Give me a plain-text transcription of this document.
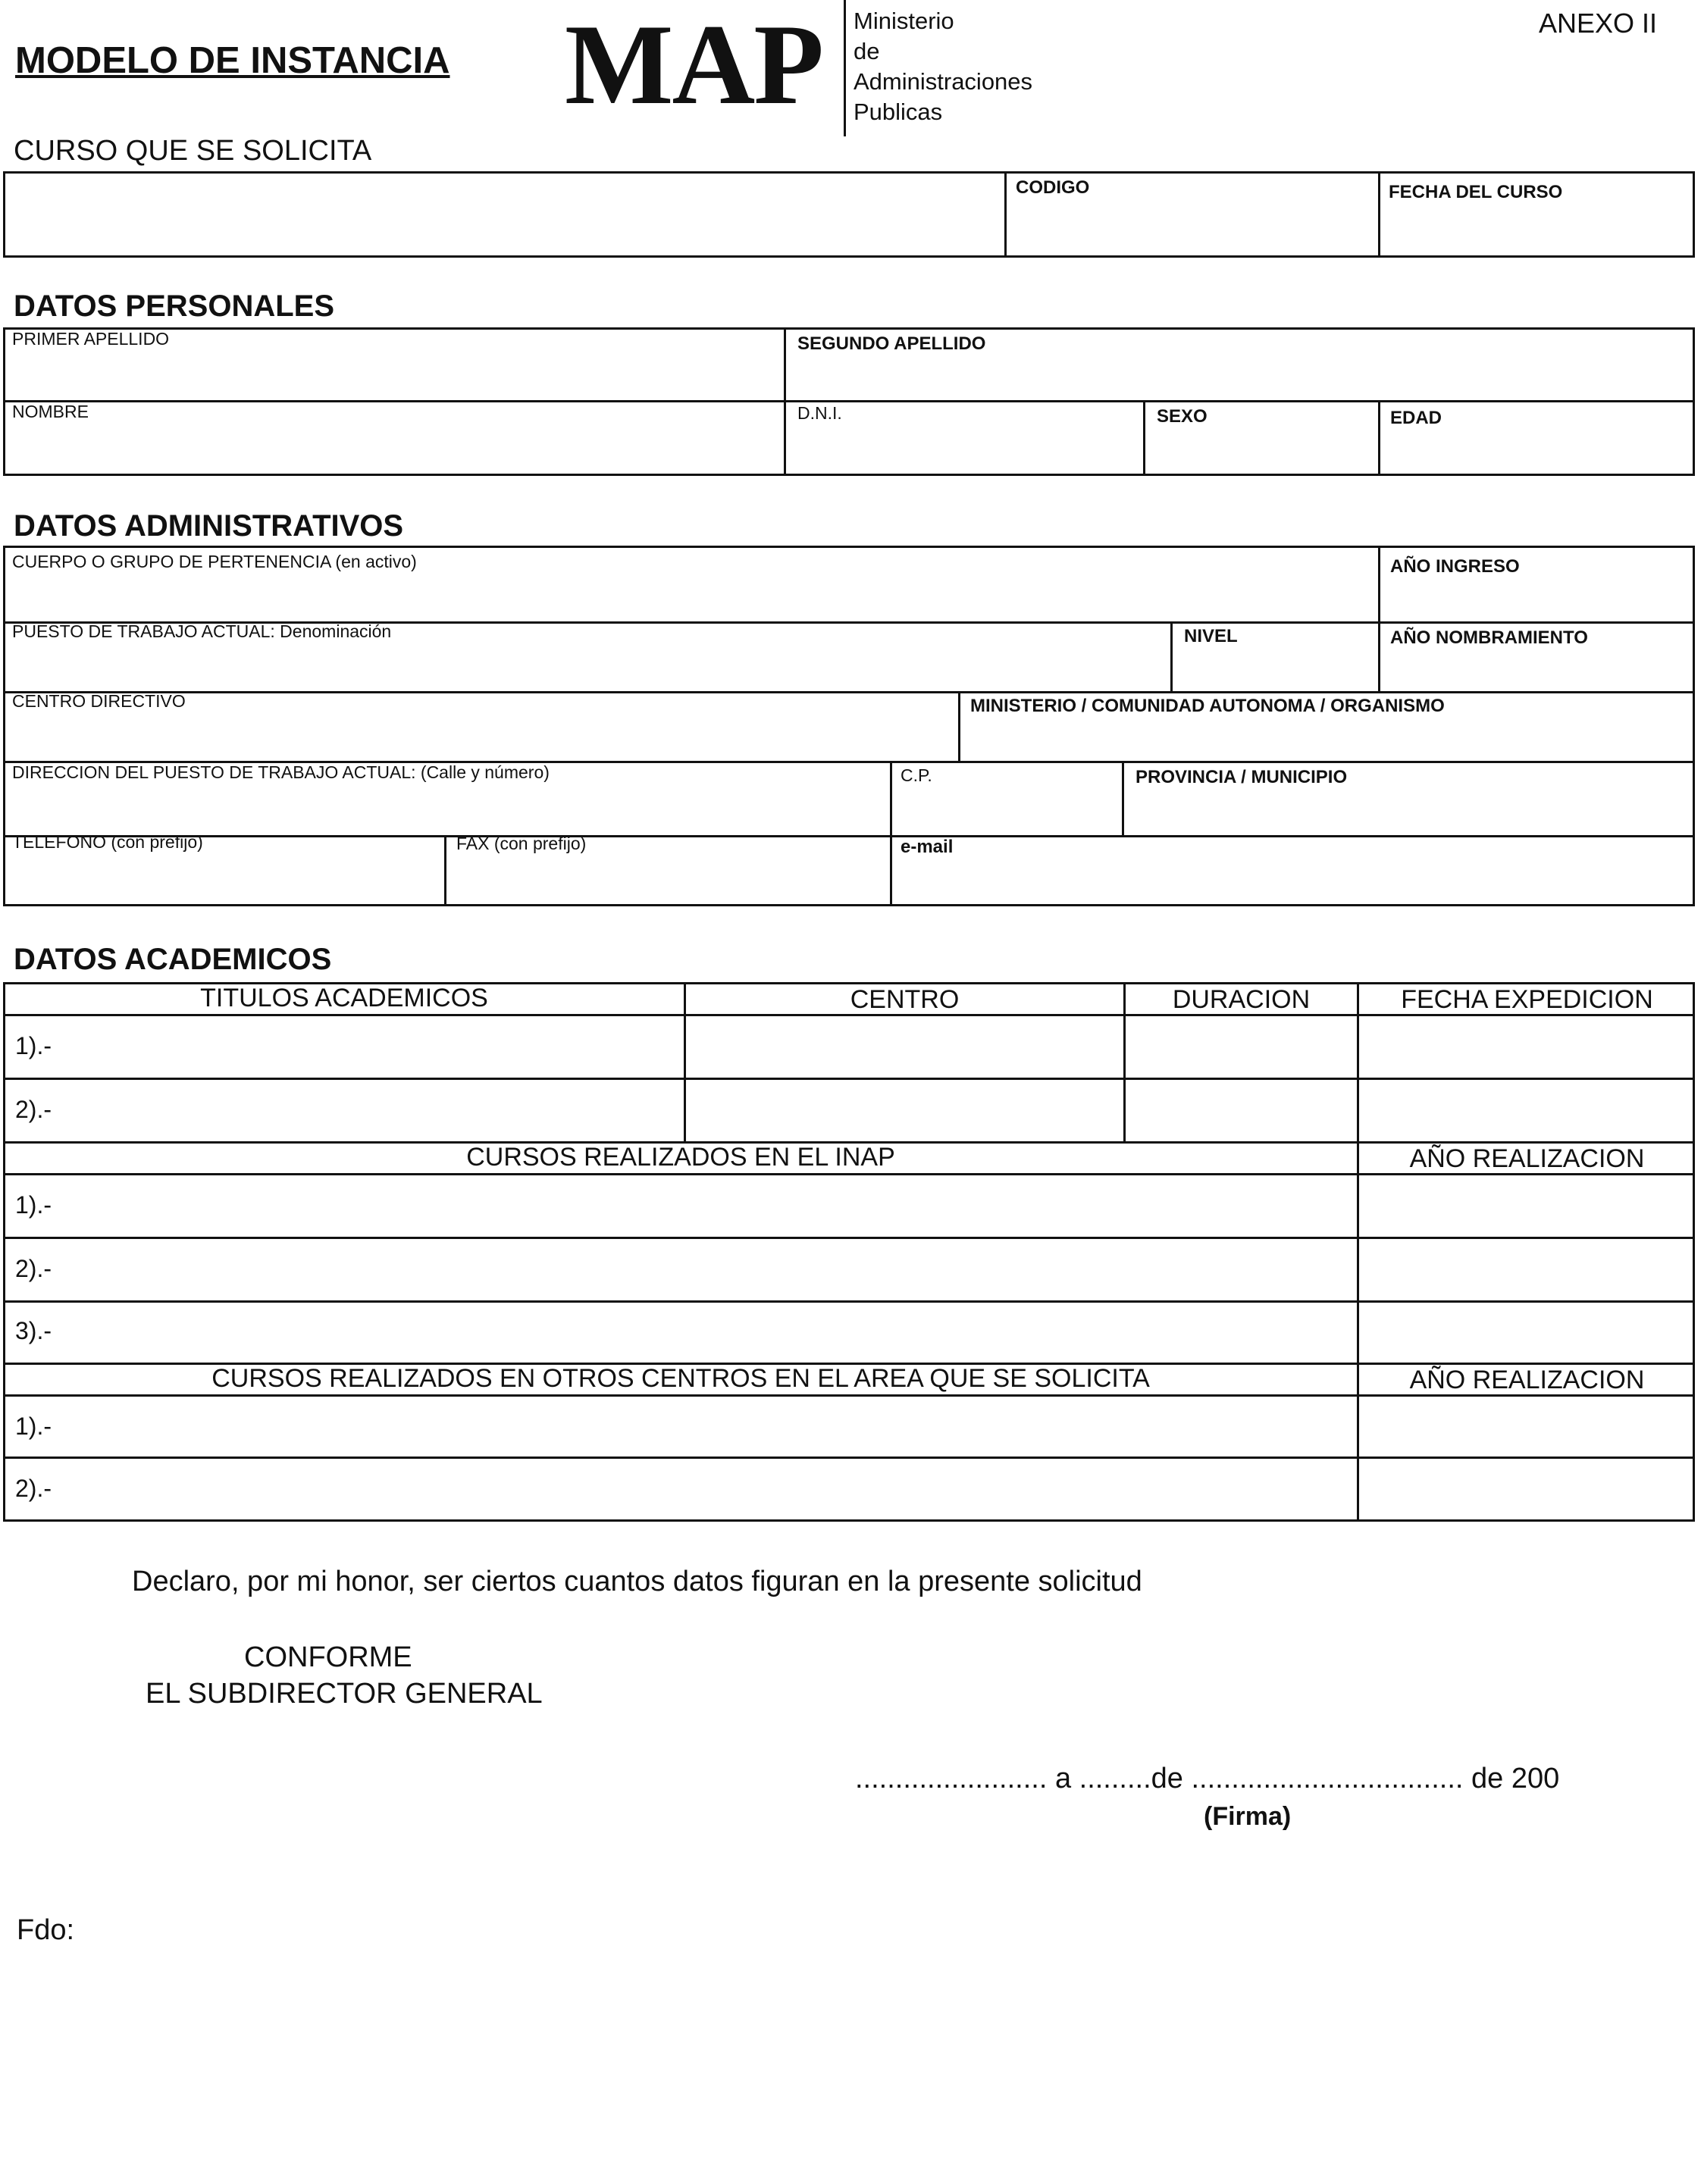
MODELO DE INSTANCIA MAP Ministerio
de
Administraciones
Publicas
ANEXO II
CURSO QUE SE SOLICITA
CODIGO	FECHA DEL CURSO
DATOS PERSONALES
PRIMER APELLIDO	SEGUNDO APELLIDO
NOMBRE	D.N.I.	SEXO	EDAD
DATOS ADMINISTRATIVOS
CUERPO O GRUPO DE PERTENENCIA (en activo)	AÑO INGRESO
PUESTO DE TRABAJO ACTUAL: Denominación	NIVEL	AÑO NOMBRAMIENTO
CENTRO DIRECTIVO	MINISTERIO / COMUNIDAD AUTONOMA / ORGANISMO
DIRECCION DEL PUESTO DE TRABAJO ACTUAL: (Calle y número)	C.P.	PROVINCIA / MUNICIPIO
TELEFONO (con prefijo)	FAX (con prefijo)	e-mail
DATOS ACADEMICOS
TITULOS ACADEMICOS	CENTRO	DURACION	FECHA EXPEDICION
1).-
2).-
CURSOS REALIZADOS EN EL INAP	AÑO REALIZACION
1).-
2).-
3).-
CURSOS REALIZADOS EN OTROS CENTROS EN EL AREA QUE SE SOLICITA	AÑO REALIZACION
1).-
2).-
Declaro, por mi honor, ser ciertos cuantos datos figuran en la presente solicitud
CONFORME
EL SUBDIRECTOR GENERAL
........................ a .........de .................................. de 200
(Firma)
Fdo:
